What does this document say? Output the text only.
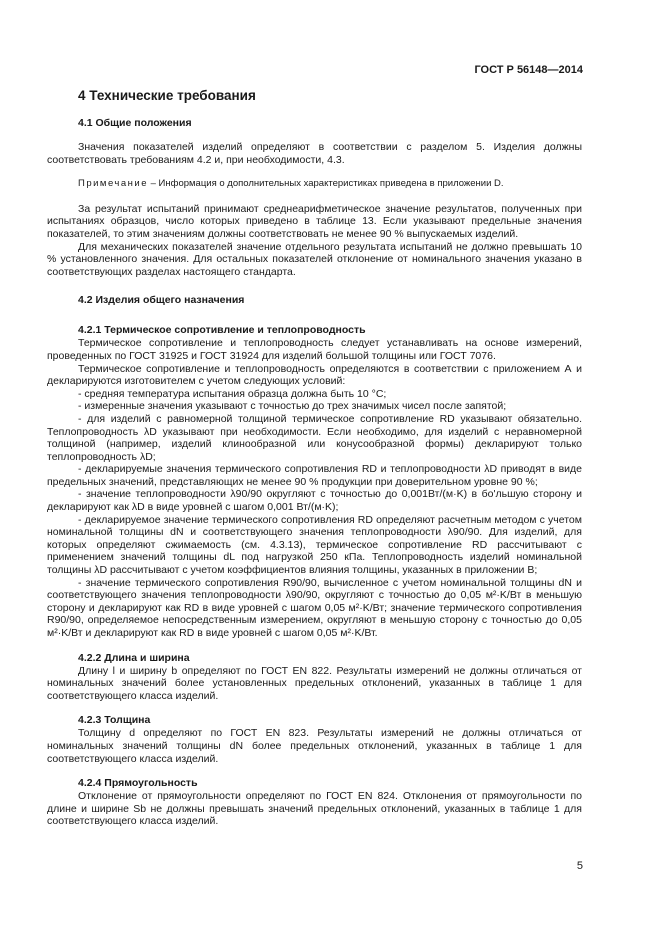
ГОСТ Р 56148—2014
4 Технические требования
4.1 Общие положения

Значения показателей изделий определяют в соответствии с разделом 5. Изделия должны соответствовать требованиям 4.2 и, при необходимости, 4.3.

Примечание – Информация о дополнительных характеристиках приведена в приложении D.

За результат испытаний принимают среднеарифметическое значение результатов, полученных при испытаниях образцов, число которых приведено в таблице 13. Если указывают предельные значения показателей, то этим значениям должны соответствовать не менее 90 % выпускаемых изделий.

Для механических показателей значение отдельного результата испытаний не должно превышать 10 % установленного значения. Для остальных показателей отклонение от номинального значения указано в соответствующих разделах настоящего стандарта.

4.2 Изделия общего назначения
4.2.1 Термическое сопротивление и теплопроводность

Термическое сопротивление и теплопроводность следует устанавливать на основе измерений, проведенных по ГОСТ 31925 и ГОСТ 31924 для изделий большой толщины или ГОСТ 7076.

Термическое сопротивление и теплопроводность определяются в соответствии с приложением А и декларируются изготовителем с учетом следующих условий:

- средняя температура испытания образца должна быть 10 °С;

- измеренные значения указывают с точностью до трех значимых чисел после запятой;

- для изделий с равномерной толщиной термическое сопротивление RD указывают обязательно. Теплопроводность λD указывают при необходимости. Если необходимо, для изделий с неравномерной толщиной (например, изделий клинообразной или конусообразной формы) декларируют только теплопроводность λD;

- декларируемые значения термического сопротивления RD и теплопроводности λD приводят в виде предельных значений, представляющих не менее 90 % продукции при доверительном уровне 90 %;

- значение теплопроводности λ90/90 округляют с точностью до 0,001Вт/(м·K) в бо'льшую сторону и декларируют как λD в виде уровней с шагом 0,001 Вт/(м·K);

- декларируемое значение термического сопротивления RD определяют расчетным методом с учетом номинальной толщины dN и соответствующего значения теплопроводности λ90/90. Для изделий, для которых определяют сжимаемость (см. 4.3.13), термическое сопротивление RD рассчитывают с применением значений толщины dL под нагрузкой 250 кПа. Теплопроводность изделий номинальной толщины λD рассчитывают с учетом коэффициентов влияния толщины, указанных в приложении В;

- значение термического сопротивления R90/90, вычисленное с учетом номинальной толщины dN и соответствующего значения теплопроводности λ90/90, округляют с точностью до 0,05 м²·K/Вт в меньшую сторону и декларируют как RD в виде уровней с шагом 0,05 м²·K/Вт; значение термического сопротивления R90/90, определяемое непосредственным измерением, округляют в меньшую сторону с точностью до 0,05 м²·K/Вт и декларируют как RD в виде уровней с шагом 0,05 м²·K/Вт.

4.2.2 Длина и ширина

Длину l и ширину b определяют по ГОСТ EN 822. Результаты измерений не должны отличаться от номинальных значений более установленных предельных отклонений, указанных в таблице 1 для соответствующего класса изделий.

4.2.3 Толщина

Толщину d определяют по ГОСТ EN 823. Результаты измерений не должны отличаться от номинальных значений толщины dN более предельных отклонений, указанных в таблице 1 для соответствующего класса изделий.

4.2.4 Прямоугольность

Отклонение от прямоугольности определяют по ГОСТ EN 824. Отклонения от прямоугольности по длине и ширине Sb не должны превышать значений предельных отклонений, указанных в таблице 1 для соответствующего класса изделий.

5
